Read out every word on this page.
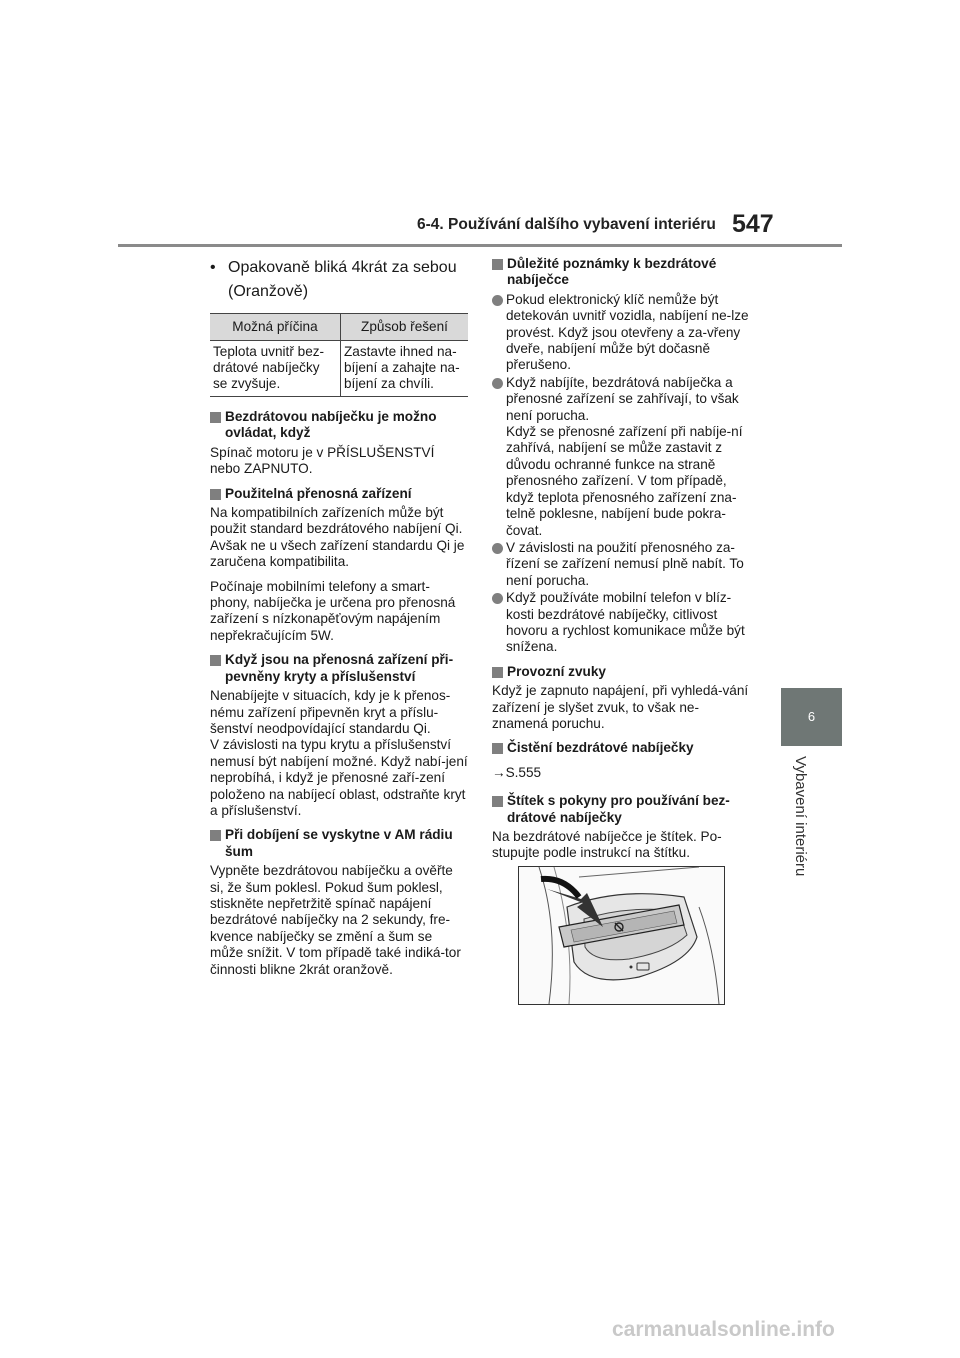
6-4. Používání dalšího vybavení interiéru 547
6
Vybavení interiéru
• Opakovaně bliká 4krát za sebou
(Oranžově)
Možná příčina	Způsob řešení
Teplota uvnitř bez-drátové nabíječky se zvyšuje.	Zastavte ihned na-bíjení a zahajte na-bíjení za chvíli.
Bezdrátovou nabíječku je možno ovládat, když

Spínač motoru je v PŘÍSLUŠENSTVÍ nebo ZAPNUTO.

Použitelná přenosná zařízení

Na kompatibilních zařízeních může být použit standard bezdrátového nabíjení Qi.

Avšak ne u všech zařízení standardu Qi je zaručena kompatibilita.

Počínaje mobilními telefony a smart-phony, nabíječka je určena pro přenosná zařízení s nízkonapěťovým napájením nepřekračujícím 5W.

Když jsou na přenosná zařízení při-pevněny kryty a příslušenství

Nenabíjejte v situacích, kdy je k přenos-nému zařízení připevněn kryt a příslu-šenství neodpovídající standardu Qi.

V závislosti na typu krytu a příslušenství nemusí být nabíjení možné. Když nabí-jení neprobíhá, i když je přenosné zaří-zení položeno na nabíjecí oblast, odstraňte kryt a příslušenství.

Při dobíjení se vyskytne v AM rádiu šum

Vypněte bezdrátovou nabíječku a ověřte si, že šum poklesl. Pokud šum poklesl, stiskněte nepřetržitě spínač napájení bezdrátové nabíječky na 2 sekundy, fre-kvence nabíječky se změní a šum se může snížit. V tom případě také indiká-tor činnosti blikne 2krát oranžově.

Důležité poznámky k bezdrátové nabíječce
Pokud elektronický klíč nemůže být detekován uvnitř vozidla, nabíjení ne-lze provést. Když jsou otevřeny a za-vřeny dveře, nabíjení může být dočasně přerušeno.
Když nabíjíte, bezdrátová nabíječka a přenosné zařízení se zahřívají, to však není porucha.
Když se přenosné zařízení při nabíje-ní zahřívá, nabíjení se může zastavit z důvodu ochranné funkce na straně přenosného zařízení. V tom případě, když teplota přenosného zařízení zna-telně poklesne, nabíjení bude pokra-čovat.
V závislosti na použití přenosného za-řízení se zařízení nemusí plně nabít. To není porucha.
Když používáte mobilní telefon v blíz-kosti bezdrátové nabíječky, citlivost hovoru a rychlost komunikace může být snížena.
Provozní zvuky

Když je zapnuto napájení, při vyhledá-vání zařízení je slyšet zvuk, to však ne-znamená poruchu.

Čistění bezdrátové nabíječky

→S.555

Štítek s pokyny pro používání bez-drátové nabíječky

Na bezdrátové nabíječce je štítek. Po-stupujte podle instrukcí na štítku.

carmanualsonline.info
